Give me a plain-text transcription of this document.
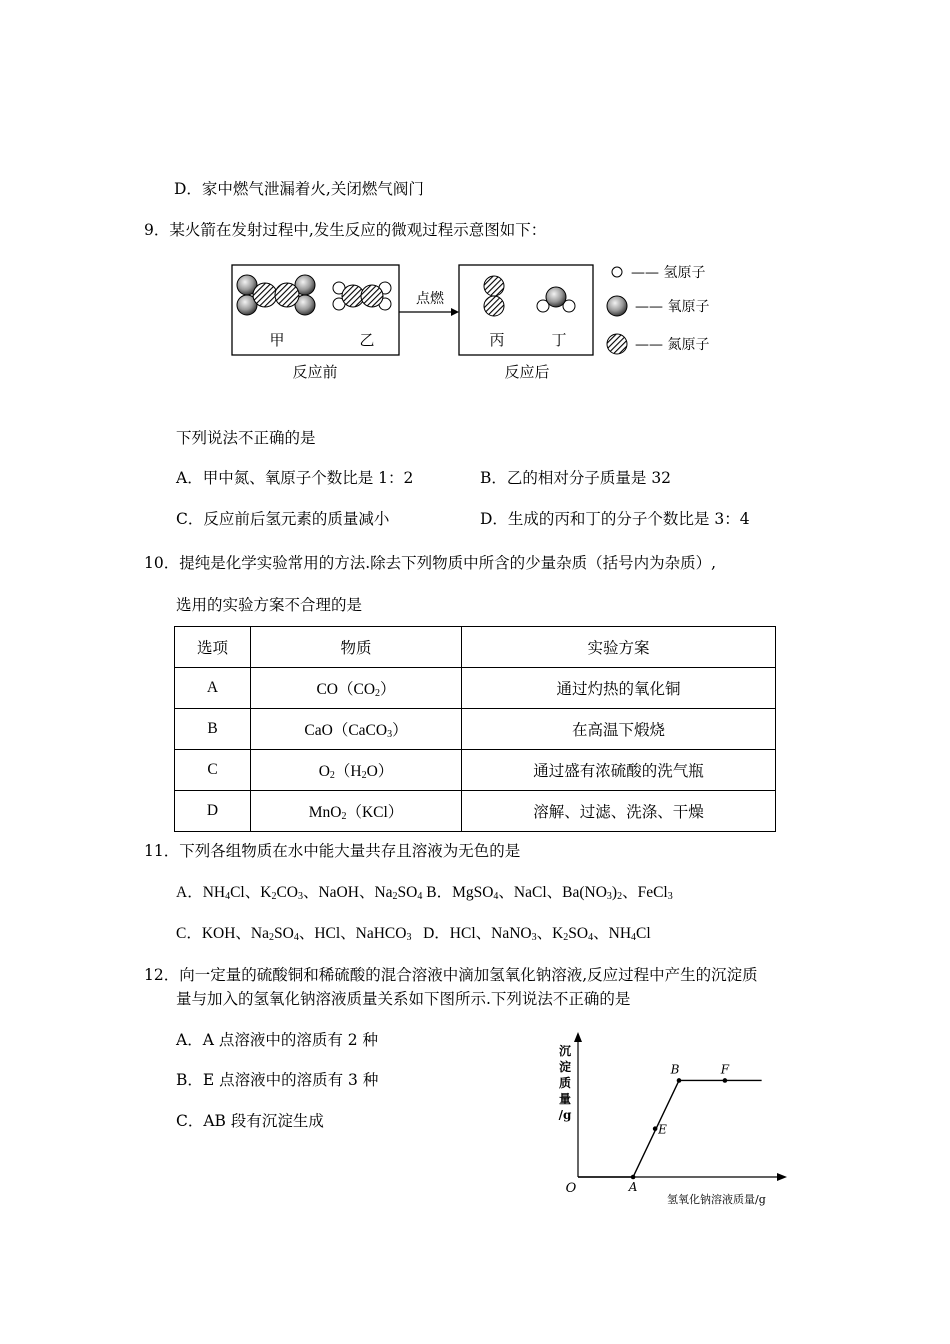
D．家中燃气泄漏着火,关闭燃气阀门
9．某火箭在发射过程中,发生反应的微观过程示意图如下：
甲	乙
反应前
点燃
丙	丁
反应后
—— 氢原子
—— 氧原子
—— 氮原子
下列说法不正确的是
A．甲中氮、氧原子个数比是 1：2	B．乙的相对分子质量是 32
C．反应前后氢元素的质量减小	D．生成的丙和丁的分子个数比是 3：4
10．提纯是化学实验常用的方法.除去下列物质中所含的少量杂质（括号内为杂质）,
选用的实验方案不合理的是
选项	物质	实验方案
A	$CO(CO_2)$	通过灼热的氧化铜
B	CaO（CaCO$_3$）	在高温下煅烧
C	$O_2(H_2O)$	通过盛有浓硫酸的洗气瓶
D	MnO$_2$（KCl）	溶解、过滤、洗涤、干燥
11．下列各组物质在水中能大量共存且溶液为无色的是
A．$NH_4Cl$、$K_2CO_3$、NaOH、$Na_2SO_4$ B．MgSO$_4$、NaCl、$Ba(NO_3)_2$、FeCl$_3$
C．KOH、$Na_2SO_4$、HCl、NaHCO$_3$   D．HCl、NaNO$_3$、$K_2SO_4$、$NH_4Cl$
12．向一定量的硫酸铜和稀硫酸的混合溶液中滴加氢氧化钠溶液,反应过程中产生的沉淀质
量与加入的氢氧化钠溶液质量关系如下图所示.下列说法不正确的是
A．A 点溶液中的溶质有 2 种
B．E 点溶液中的溶质有 3 种
C．AB 段有沉淀生成
沉
淀
质
量
/g
O
氢氧化钠溶液质量/g
A
E
B	F
